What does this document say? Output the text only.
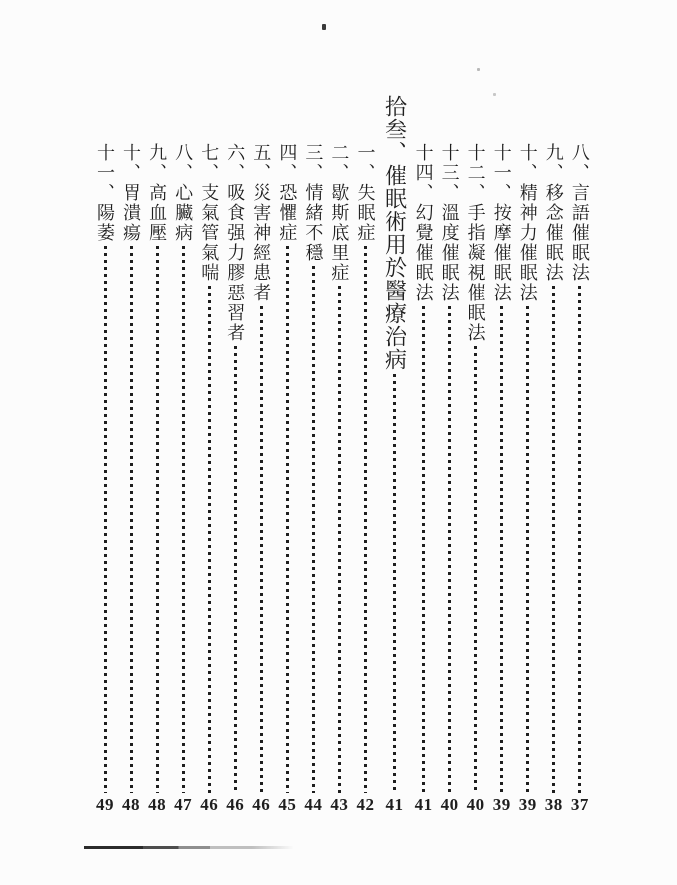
八、言語催眠法
37
九、移念催眠法
38
十、精神力催眠法
39
十一、按摩催眠法
39
十二、手指凝視催眠法
40
十三、溫度催眠法
40
十四、幻覺催眠法
41
拾叁、催眠術用於醫療治病
41
一、失眠症
42
二、歇斯底里症
43
三、情緒不穩
44
四、恐懼症
45
五、災害神經患者
46
六、吸食强力膠惡習者
46
七、支氣管氣喘
46
八、心臟病
47
九、高血壓
48
十、胃潰瘍
48
十一、陽萎
49
